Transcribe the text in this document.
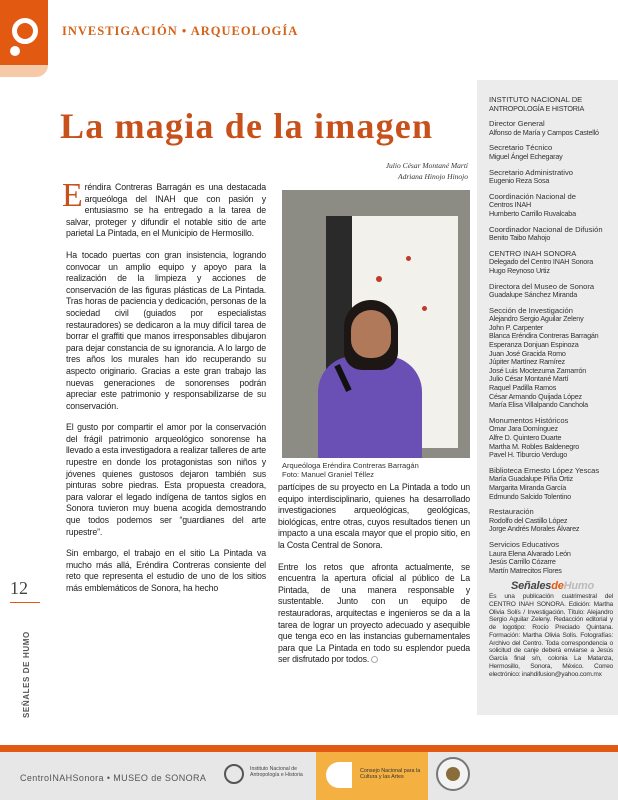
INVESTIGACIÓN • ARQUEOLOGÍA
La magia de la imagen
Julio César Montané Martí
Adriana Hinojo Hinojo

Eréndira Contreras Barragán es una destacada arqueóloga del INAH que con pasión y entusiasmo se ha entregado a la tarea de salvar, proteger y difundir el notable sitio de arte parietal La Pintada, en el Municipio de Hermosillo.

Ha tocado puertas con gran insistencia, logrando convocar un amplio equipo y apoyo para la realización de la limpieza y acciones de conservación de las figuras plásticas de La Pintada. Tras horas de paciencia y dedicación, personas de la sociedad civil (guiados por especialistas restauradores) se dedicaron a la muy difícil tarea de borrar el graffiti que manos irresponsables dibujaron para dejar constancia de su ignorancia. A lo largo de tres años los murales han ido recuperando su aspecto originario. Gracias a este gran trabajo las nuevas generaciones de sonorenses podrán apreciar este patrimonio y responsabilizarse de su conservación.

El gusto por compartir el amor por la conservación del frágil patrimonio arqueológico sonorense ha llevado a esta investigadora a realizar talleres de arte rupestre en donde los protagonistas son niños y jóvenes quienes gustosos dejaron también sus pinturas sobre piedras. Esta propuesta creadora, para valorar el legado indígena de tantos siglos en Sonora tuvieron muy buena acogida demostrando que todos podemos ser “guardianes del arte rupestre”.

Sin embargo, el trabajo en el sitio La Pintada va mucho más allá, Eréndira Contreras consiente del reto que representa el estudio de uno de los sitios más emblemáticos de Sonora, ha hecho

Arqueóloga Eréndira Contreras Barragán
Foto: Manuel Graniel Téllez

partícipes de su proyecto en La Pintada a todo un equipo interdisciplinario, quienes ha desarrollado investigaciones arqueológicas, geológicas, biológicas, entre otras, cuyos resultados tienen un impacto a una escala mayor que el propio sitio, en la Costa Central de Sonora.

Entre los retos que afronta actualmente, se encuentra la apertura oficial al público de La Pintada, de una manera responsable y sustentable. Junto con un equipo de restauradoras, arquitectas e ingenieros se da a la tarea de lograr un proyecto adecuado y asequible que tenga eco en las instancias gubernamentales para que La Pintada en todo su esplendor pueda ser disfrutado por todos.

INSTITUTO NACIONAL DE
ANTROPOLOGÍA E HISTORIA
Director General
Alfonso de María y Campos Castelló
Secretario Técnico
Miguel Ángel Echegaray
Secretario Administrativo
Eugenio Reza Sosa
Coordinación Nacional de
Centros INAH
Humberto Carrillo Ruvalcaba
Coordinador Nacional de Difusión
Benito Taibo Mahojo
CENTRO INAH SONORA
Delegado del Centro INAH Sonora
Hugo Reynoso Urtiz
Directora del Museo de Sonora
Guadalupe Sánchez Miranda
Sección de Investigación
Alejandro Sergio Aguilar Zeleny
John P. Carpenter
Blanca Eréndira Contreras Barragán
Esperanza Donjuan Espinoza
Juan José Gracida Romo
Júpiter Martínez Ramírez
José Luis Moctezuma Zamarrón
Julio César Montané Martí
Raquel Padilla Ramos
César Armando Quijada López
María Elisa Villalpando Canchola
Monumentos Históricos
Omar Jara Domínguez
Alfre D. Quintero Duarte
Martha M. Robles Baldenegro
Pavel H. Tiburcio Verdugo
Biblioteca Ernesto López Yescas
María Guadalupe Piña Ortiz
Margarita Miranda García
Edmundo Salcido Tolentino
Restauración
Rodolfo del Castillo López
Jorge Andrés Morales Álvarez
Servicios Educativos
Laura Elena Alvarado León
Jesús Carrillo Cózarre
Martín Matrecitos Flores
SeñalesdeHumo
Es una publicación cuatrimestral del CENTRO INAH SONORA. Edición: Martha Olivia Solís / Investigación. Título: Alejandro Sergio Aguilar Zeleny. Redacción editorial y de logotipo: Rocío Preciado Quintana. Formación: Martha Olivia Solís. Fotografías: Archivo del Centro. Toda correspondencia o solicitud de canje deberá enviarse a Jesús García final s/n, colonia La Matanza, Hermosillo, Sonora, México. Correo electrónico: inahdifusion@yahoo.com.mx
12
SEÑALES DE HUMO
CentroINAHSonora • MUSEO de SONORA
Instituto Nacional de Antropología e Historia
Consejo Nacional para la Cultura y las Artes
